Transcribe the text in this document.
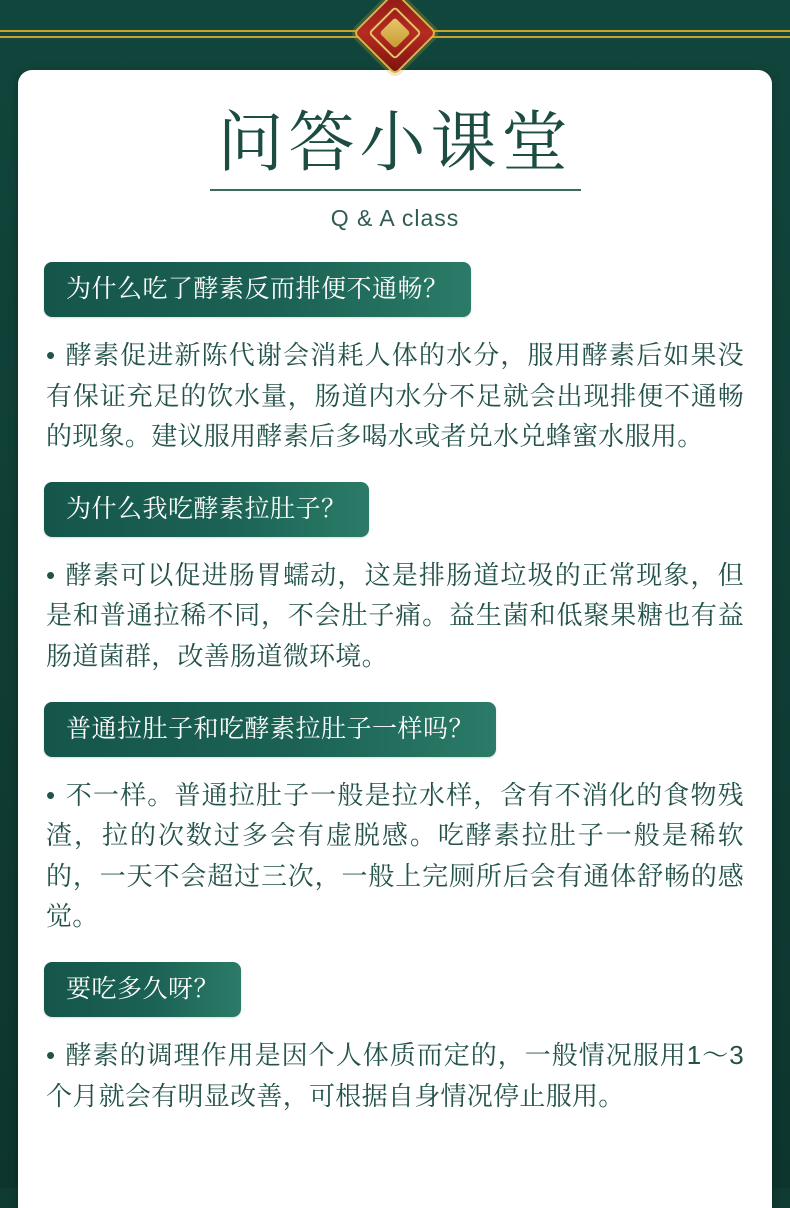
问答小课堂
Q & A class
为什么吃了酵素反而排便不通畅？
• 酵素促进新陈代谢会消耗人体的水分，服用酵素后如果没有保证充足的饮水量，肠道内水分不足就会出现排便不通畅的现象。建议服用酵素后多喝水或者兑水兑蜂蜜水服用。
为什么我吃酵素拉肚子？
• 酵素可以促进肠胃蠕动，这是排肠道垃圾的正常现象，但是和普通拉稀不同，不会肚子痛。益生菌和低聚果糖也有益肠道菌群，改善肠道微环境。
普通拉肚子和吃酵素拉肚子一样吗？
• 不一样。普通拉肚子一般是拉水样，含有不消化的食物残渣，拉的次数过多会有虚脱感。吃酵素拉肚子一般是稀软的，一天不会超过三次，一般上完厕所后会有通体舒畅的感觉。
要吃多久呀？
• 酵素的调理作用是因个人体质而定的，一般情况服用1～3个月就会有明显改善，可根据自身情况停止服用。
